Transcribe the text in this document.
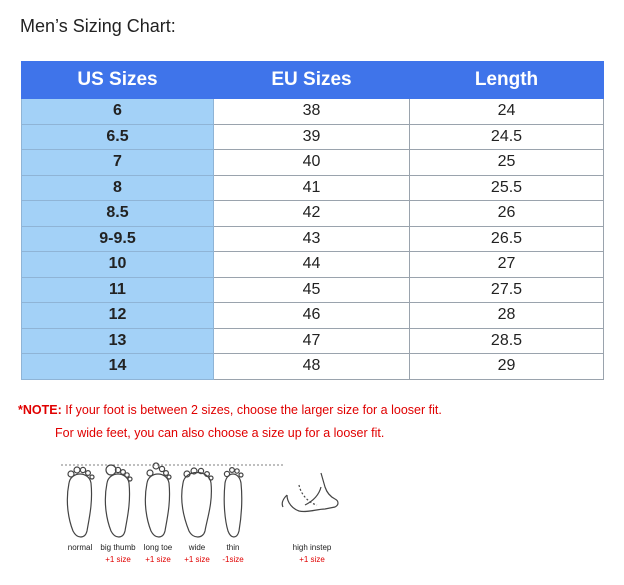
Men’s Sizing Chart:
US Sizes	EU Sizes	Length
6	38	24
6.5	39	24.5
7	40	25
8	41	25.5
8.5	42	26
9-9.5	43	26.5
10	44	27
11	45	27.5
12	46	28
13	47	28.5
14	48	29
*NOTE: If your foot is between 2 sizes, choose the larger size for a looser fit.
For wide feet, you can also choose a size up for a looser fit.
normal	big thumb
+1 size
long toe
+1 size
wide
+1 size
thin
-1size
high instep
+1 size
